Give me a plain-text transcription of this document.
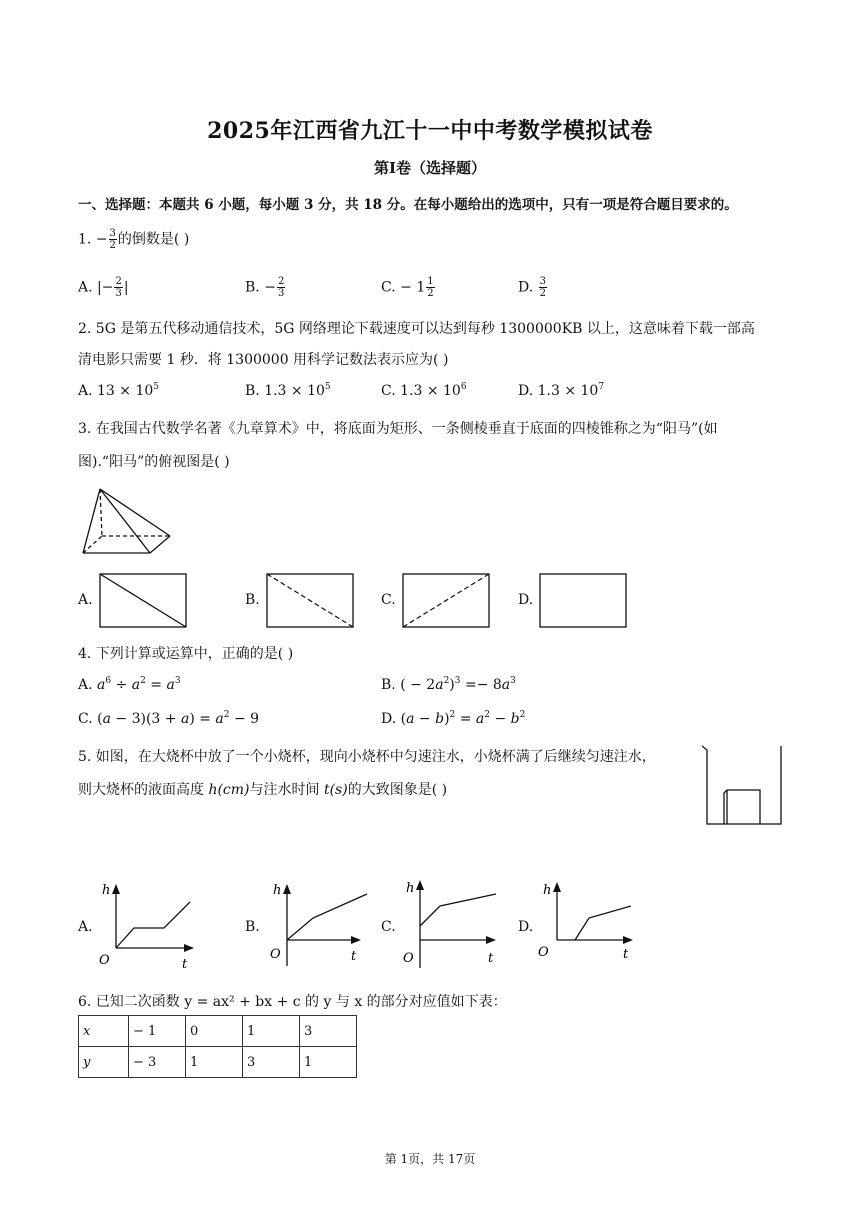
2025年江西省九江十一中中考数学模拟试卷
第I卷（选择题）
一、选择题：本题共 6 小题，每小题 3 分，共 18 分。在每小题给出的选项中，只有一项是符合题目要求的。
1. − $\frac{3}{2}$ 的倒数是( )
A. |− $\frac{2}{3}$ |	B. − $\frac{2}{3}$	C. − $1 \frac{1}{2}$	D. $\frac{3}{2}$
2. 5G 是第五代移动通信技术，5G 网络理论下载速度可以达到每秒 1300000KB 以上，这意味着下载一部高
清电影只需要 1 秒．将 1300000 用科学记数法表示应为( )
A. $13 \times 10^5$	B. $1.3 \times 10^5$	C. $1.3 \times 10^6$	D. $1.3 \times 10^7$
3. 在我国古代数学名著《九章算术》中，将底面为矩形、一条侧棱垂直于底面的四棱锥称之为“阳马”(如
图).“阳马”的俯视图是( )
A.	B.	C.	D.
4. 下列计算或运算中，正确的是( )
A. $a^6 \div a^2 = a^3$	B. ( − $2a^2)^3 =- 8a^3$
C. $(a - 3)(3 + a) = a^2 - 9$	D. $(a - b)^2 = a^2 - b^2$
5. 如图，在大烧杯中放了一个小烧杯，现向小烧杯中匀速注水，小烧杯满了后继续匀速注水，
则大烧杯的液面高度 h(cm)与注水时间 t(s)的大致图象是( )
A.
h
t
O
B.
h
t
O
C.
h
t
O
D.
h
t
O
6. 已知二次函数 y = ax² + bx + c 的 y 与 x 的部分对应值如下表：
x	− 1	0	1	3
y	− 3	1	3	1
第 1页，共 17页
